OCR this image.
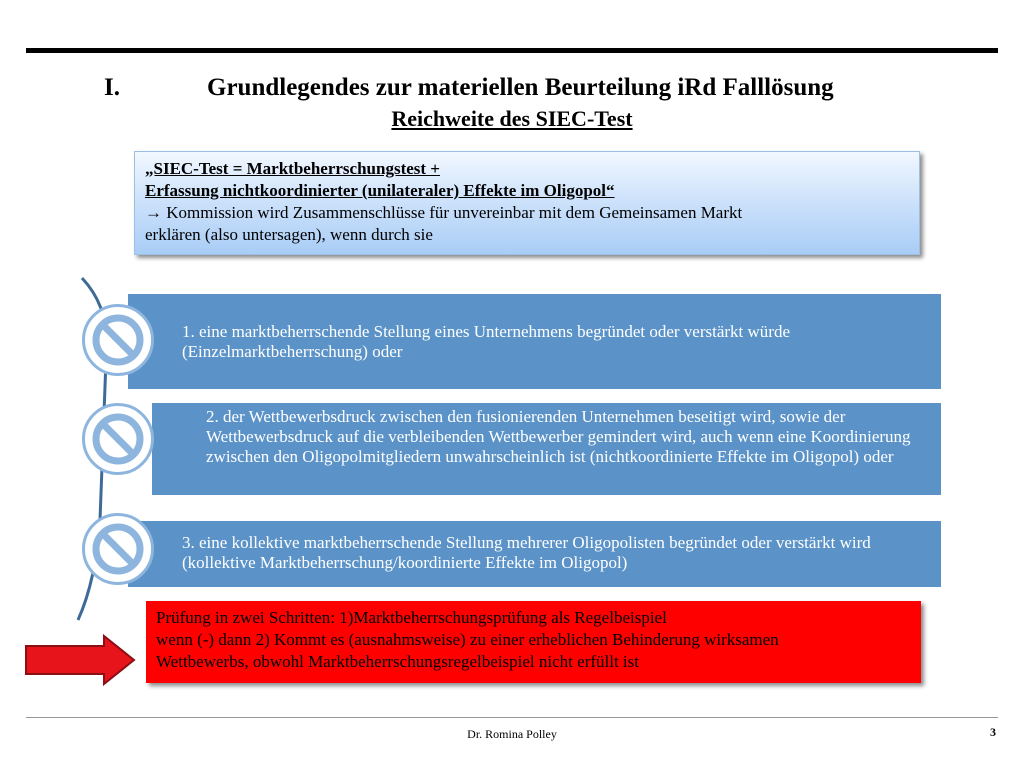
I.	Grundlegendes zur materiellen Beurteilung iRd Falllösung
Reichweite des SIEC-Test
„SIEC-Test = Marktbeherrschungstest +
Erfassung nichtkoordinierter (unilateraler) Effekte im Oligopol“
→ Kommission wird Zusammenschlüsse für unvereinbar mit dem Gemeinsamen Markt
erklären (also untersagen), wenn durch sie
1. eine marktbeherrschende Stellung eines Unternehmens begründet oder verstärkt würde (Einzelmarktbeherrschung) oder
2. der Wettbewerbsdruck zwischen den fusionierenden Unternehmen beseitigt wird, sowie der Wettbewerbsdruck auf die verbleibenden Wettbewerber gemindert wird, auch wenn eine Koordinierung zwischen den Oligopolmitgliedern unwahrscheinlich ist (nichtkoordinierte Effekte im Oligopol) oder
3. eine kollektive marktbeherrschende Stellung mehrerer Oligopolisten begründet oder verstärkt wird (kollektive Marktbeherrschung/koordinierte Effekte im Oligopol)
Prüfung in zwei Schritten: 1)Marktbeherrschungsprüfung als Regelbeispiel
wenn (-) dann 2) Kommt es (ausnahmsweise) zu einer erheblichen Behinderung wirksamen
Wettbewerbs, obwohl Marktbeherrschungsregelbeispiel nicht erfüllt ist
Dr. Romina Polley	3
